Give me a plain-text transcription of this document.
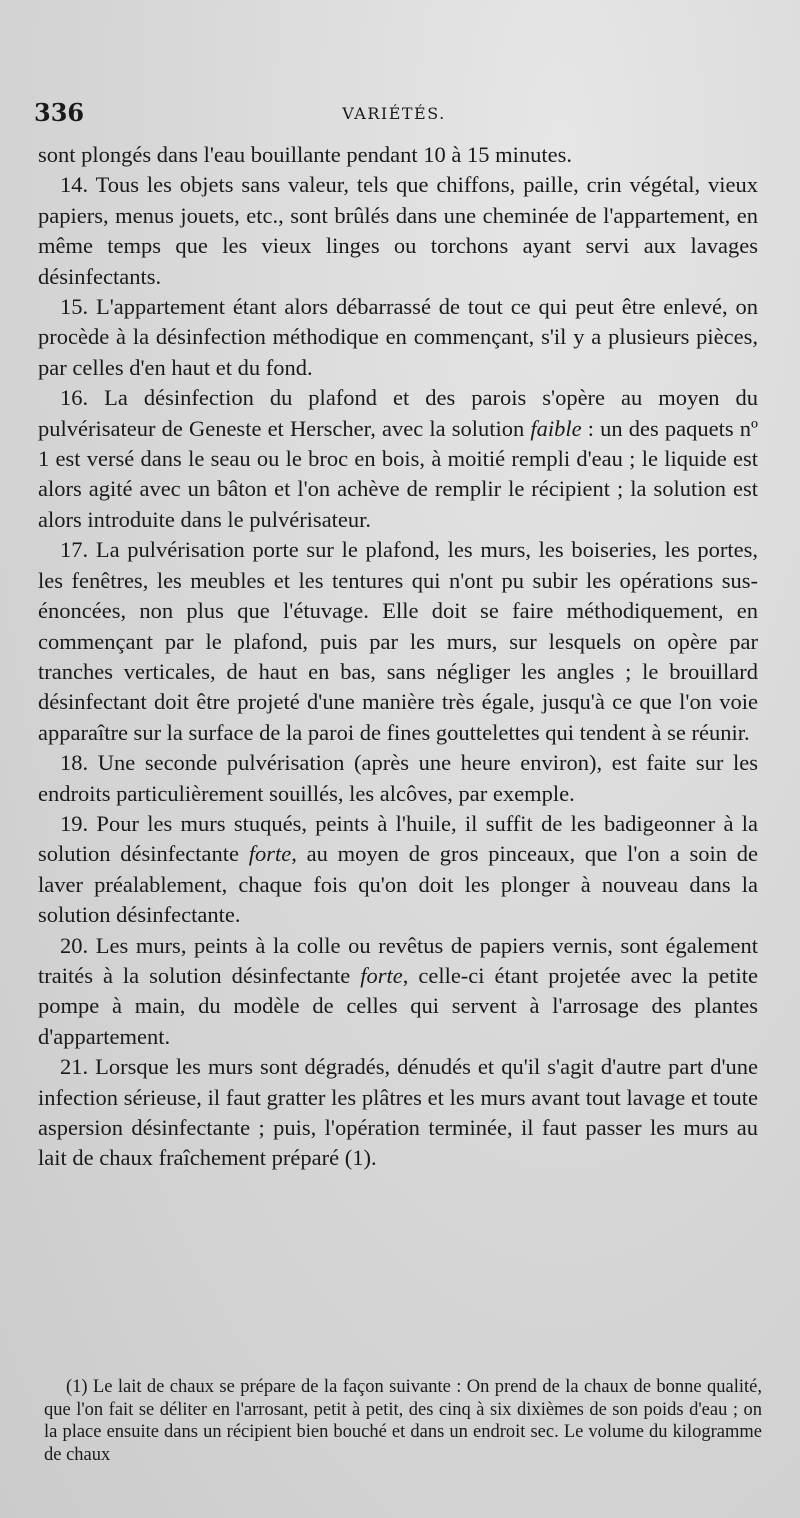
336	VARIÉTÉS.

sont plongés dans l'eau bouillante pendant 10 à 15 minutes.

14. Tous les objets sans valeur, tels que chiffons, paille, crin végétal, vieux papiers, menus jouets, etc., sont brûlés dans une cheminée de l'appartement, en même temps que les vieux linges ou torchons ayant servi aux lavages désinfectants.

15. L'appartement étant alors débarrassé de tout ce qui peut être enlevé, on procède à la désinfection méthodique en commençant, s'il y a plusieurs pièces, par celles d'en haut et du fond.

16. La désinfection du plafond et des parois s'opère au moyen du pulvérisateur de Geneste et Herscher, avec la solution faible : un des paquets nº 1 est versé dans le seau ou le broc en bois, à moitié rempli d'eau ; le liquide est alors agité avec un bâton et l'on achève de remplir le récipient ; la solution est alors introduite dans le pulvérisateur.

17. La pulvérisation porte sur le plafond, les murs, les boiseries, les portes, les fenêtres, les meubles et les tentures qui n'ont pu subir les opérations sus-énoncées, non plus que l'étuvage. Elle doit se faire méthodiquement, en commençant par le plafond, puis par les murs, sur lesquels on opère par tranches verticales, de haut en bas, sans négliger les angles ; le brouillard désinfectant doit être projeté d'une manière très égale, jusqu'à ce que l'on voie apparaître sur la surface de la paroi de fines gouttelettes qui tendent à se réunir.

18. Une seconde pulvérisation (après une heure environ), est faite sur les endroits particulièrement souillés, les alcôves, par exemple.

19. Pour les murs stuqués, peints à l'huile, il suffit de les badigeonner à la solution désinfectante forte, au moyen de gros pinceaux, que l'on a soin de laver préalablement, chaque fois qu'on doit les plonger à nouveau dans la solution désinfectante.

20. Les murs, peints à la colle ou revêtus de papiers vernis, sont également traités à la solution désinfectante forte, celle-ci étant projetée avec la petite pompe à main, du modèle de celles qui servent à l'arrosage des plantes d'appartement.

21. Lorsque les murs sont dégradés, dénudés et qu'il s'agit d'autre part d'une infection sérieuse, il faut gratter les plâtres et les murs avant tout lavage et toute aspersion désinfectante ; puis, l'opération terminée, il faut passer les murs au lait de chaux fraîchement préparé (1).

(1) Le lait de chaux se prépare de la façon suivante : On prend de la chaux de bonne qualité, que l'on fait se déliter en l'arrosant, petit à petit, des cinq à six dixièmes de son poids d'eau ; on la place ensuite dans un récipient bien bouché et dans un endroit sec. Le volume du kilogramme de chaux
